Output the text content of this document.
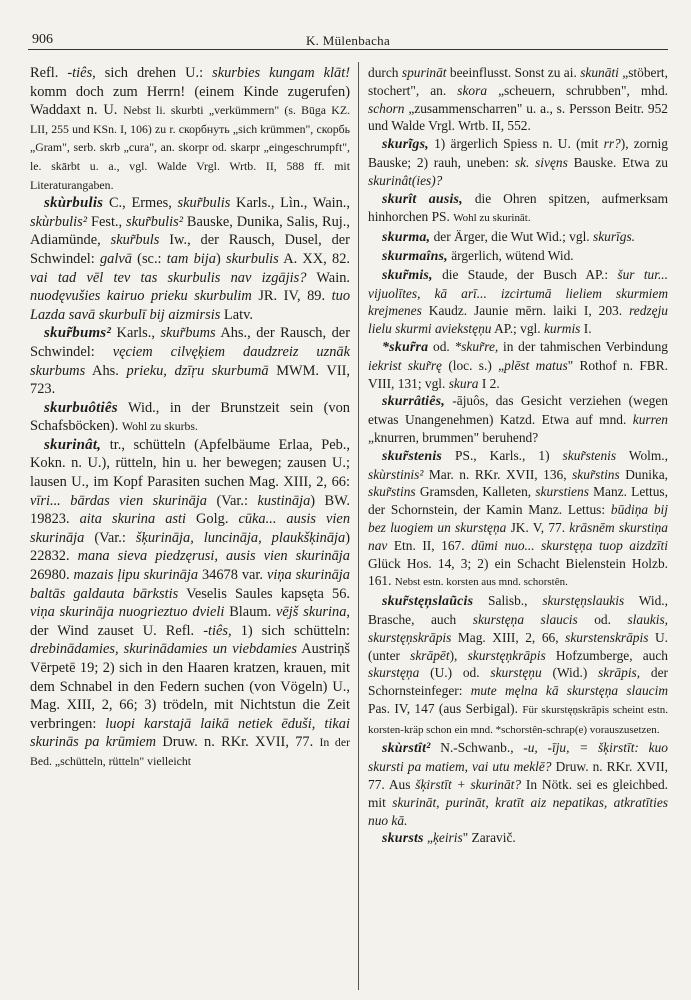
906	K. Mülenbacha

Refl. -tiês, sich drehen U.: skurbies kungam klāt! komm doch zum Herrn! (einem Kinde zugerufen) Waddaxt n. U. Nebst li. skurbti „verkümmern" (s. Būga KZ. LII, 255 und KSn. I, 106) zu r. скорбнуть „sich krümmen", скорбь „Gram", serb. skrb „cura", an. skorpr od. skarpr „eingeschrumpft", le. skārbt u. a., vgl. Walde Vrgl. Wrtb. II, 588 ff. mit Literaturangaben.

skùrbulis C., Ermes, skur̃bulis Karls., Lìn., Wain., skùrbulis² Fest., skur̃bulis² Bauske, Dunika, Salis, Ruj., Adiamünde, skur̃buls Iw., der Rausch, Dusel, der Schwindel: galvā (sc.: tam bija) skurbulis A. XX, 82. vai tad vēl tev tas skurbulis nav izgājis? Wain. nuodęvušies kairuo prieku skurbulim JR. IV, 89. tuo Lazda savā skurbulī bij aizmirsis Latv.

skur̃bums² Karls., skur̃bums Ahs., der Rausch, der Schwindel: vęciem cilvęķiem daudzreiz uznāk skurbums Ahs. prieku, dzīŗu skurbumā MWM. VII, 723.

skurbuôtiês Wid., in der Brunstzeit sein (von Schafsböcken). Wohl zu skurbs.

skurinât, tr., schütteln (Apfelbäume Erlaa, Peb., Kokn. n. U.), rütteln, hin u. her bewegen; zausen U.; lausen U., im Kopf Parasiten suchen Mag. XIII, 2, 66: vīri... bārdas vien skurināja (Var.: kustināja) BW. 19823. aita skurina asti Golg. cūka... ausis vien skurināja (Var.: šķurināja, luncināja, plaukšķināja) 22832. mana sieva piedzęrusi, ausis vien skurināja 26980. mazais ļipu skurināja 34678 var. viņa skurināja baltās galdauta bārkstis Veselis Saules kapsęta 56. viņa skurināja nuogrieztuo dvieli Blaum. vējš skurina, der Wind zauset U. Refl. -tiês, 1) sich schütteln: drebinādamies, skurinādamies un viebdamies Austriņš Vērpetē 19; 2) sich in den Haaren kratzen, krauen, mit dem Schnabel in den Federn suchen (von Vögeln) U., Mag. XIII, 2, 66; 3) trödeln, mit Nichtstun die Zeit verbringen: luopi karstajā laikā netiek ēduši, tikai skurinās pa krūmiem Druw. n. RKr. XVII, 77. In der Bed. „schütteln, rütteln" vielleicht

durch spurināt beeinflusst. Sonst zu ai. skunāti „stöbert, stochert", an. skora „scheuern, schrubben", mhd. schorn „zusammenscharren" u. a., s. Persson Beitr. 952 und Walde Vrgl. Wrtb. II, 552.

skurĩgs, 1) ärgerlich Spiess n. U. (mit rr?), zornig Bauske; 2) rauh, uneben: sk. sivęns Bauske. Etwa zu skurinât(ies)?

skurît ausis, die Ohren spitzen, aufmerksam hinhorchen PS. Wohl zu skurināt.

skurma, der Ärger, die Wut Wid.; vgl. skurīgs.

skurmaîns, ärgerlich, wütend Wid.

skur̃mis, die Staude, der Busch AP.: šur tur... vijuolītes, kā arī... izcirtumā lieliem skurmiem krejmenes Kaudz. Jaunie mērn. laiki I, 203. redzęju lielu skurmi aviekstęņu AP.; vgl. kurmis I.

*skur̃ra od. *skur̃re, in der tahmischen Verbindung iekrist skur̃rę (loc. s.) „plēst matus" Rothof n. FBR. VIII, 131; vgl. skura I 2.

skurrâtiês, -ājuôs, das Gesicht verziehen (wegen etwas Unangenehmen) Katzd. Etwa auf mnd. kurren „knurren, brummen" beruhend?

skur̃stenis PS., Karls., 1) skur̃stenis Wolm., skùrstinis² Mar. n. RKr. XVII, 136, skur̃stins Dunika, skur̃stins Gramsden, Kalleten, skurstiens Manz. Lettus, der Schornstein, der Kamin Manz. Lettus: būdiņa bij bez luogiem un skurstęņa JK. V, 77. krāsnēm skurstiņa nav Etn. II, 167. dūmi nuo... skurstęņa tuop aizdzīti Glück Hos. 14, 3; 2) ein Schacht Bielenstein Holzb. 161. Nebst estn. korsten aus mnd. schorstên.

skur̃stęņslaũcis Salisb., skurstęņslaukis Wid., Brasche, auch skurstęņa slaucis od. slaukis, skurstęņskrāpis Mag. XIII, 2, 66, skurstenskrāpis U. (unter skrāpēt), skurstęņkrāpis Hofzumberge, auch skurstęņa (U.) od. skurstęņu (Wid.) skrāpis, der Schornsteinfeger: mute męlna kā skurstęņa slaucim Pas. IV, 147 (aus Serbigal). Für skurstęņskrāpis scheint estn. korsten-kräp schon ein mnd. *schorstên-schrap(e) vorauszusetzen.

skùrstît² N.-Schwanb., -u, -īju, = šķirstīt: kuo skursti pa matiem, vai utu meklē? Druw. n. RKr. XVII, 77. Aus šķirstīt + skurināt? In Nötk. sei es gleichbed. mit skurināt, purināt, kratīt aiz nepatikas, atkratīties nuo kā.

skursts „ķeiris" Zaravič.
